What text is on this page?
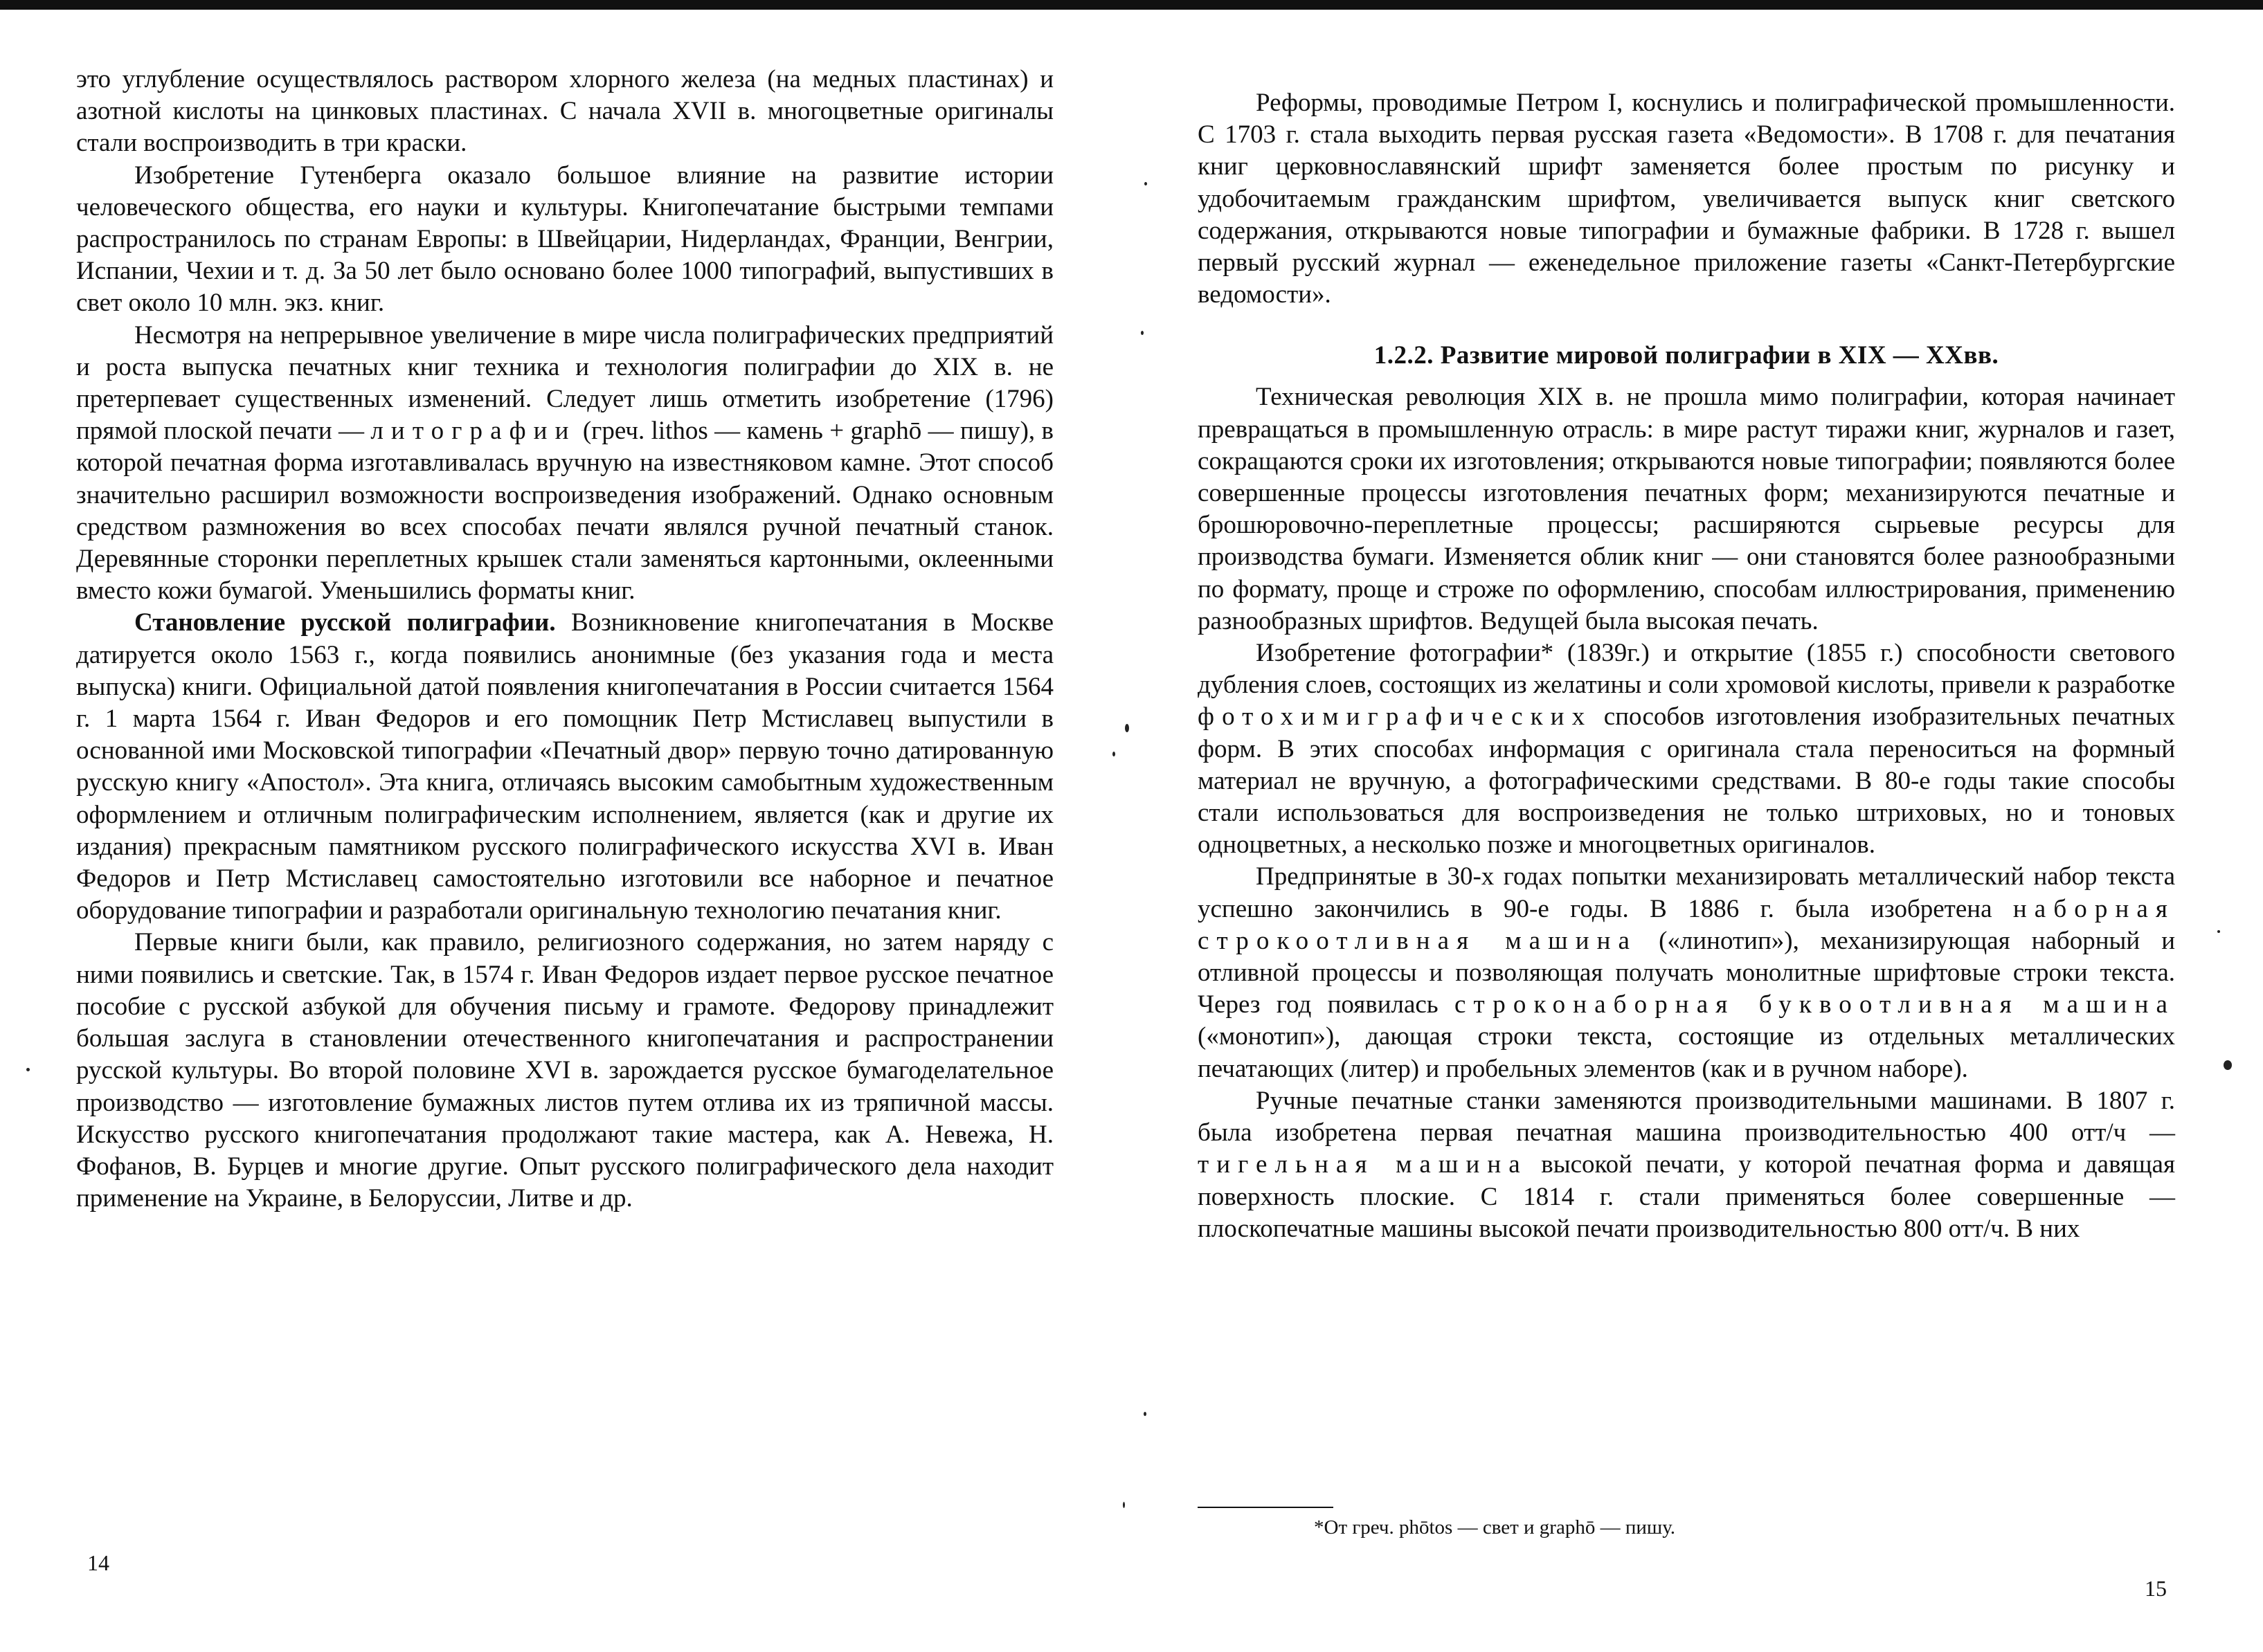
это углубление осуществлялось раствором хлорного железа (на медных пластинах) и азотной кислоты на цинковых пластинах. С начала XVII в. многоцветные оригиналы стали воспроизводить в три краски.

Изобретение Гутенберга оказало большое влияние на развитие истории человеческого общества, его науки и культуры. Книгопечатание быстрыми темпами распространилось по странам Европы: в Швейцарии, Нидерландах, Франции, Венгрии, Испании, Чехии и т. д. За 50 лет было основано более 1000 типографий, выпустивших в свет около 10 млн. экз. книг.

Несмотря на непрерывное увеличение в мире числа полиграфических предприятий и роста выпуска печатных книг техника и технология полиграфии до XIX в. не претерпевает существенных изменений. Следует лишь отметить изобретение (1796) прямой плоской печати — литографии (греч. lithos — камень + graphō — пишу), в которой печатная форма изготавливалась вручную на известняковом камне. Этот способ значительно расширил возможности воспроизведения изображений. Однако основным средством размножения во всех способах печати являлся ручной печатный станок. Деревянные сторонки переплетных крышек стали заменяться картонными, оклеенными вместо кожи бумагой. Уменьшились форматы книг.

Становление русской полиграфии. Возникновение книгопечатания в Москве датируется около 1563 г., когда появились анонимные (без указания года и места выпуска) книги. Официальной датой появления книгопечатания в России считается 1564 г. 1 марта 1564 г. Иван Федоров и его помощник Петр Мстиславец выпустили в основанной ими Московской типографии «Печатный двор» первую точно датированную русскую книгу «Апостол». Эта книга, отличаясь высоким самобытным художественным оформлением и отличным полиграфическим исполнением, является (как и другие их издания) прекрасным памятником русского полиграфического искусства XVI в. Иван Федоров и Петр Мстиславец самостоятельно изготовили все наборное и печатное оборудование типографии и разработали оригинальную технологию печатания книг.

Первые книги были, как правило, религиозного содержания, но затем наряду с ними появились и светские. Так, в 1574 г. Иван Федоров издает первое русское печатное пособие с русской азбукой для обучения письму и грамоте. Федорову принадлежит большая заслуга в становлении отечественного книгопечатания и распространении русской культуры. Во второй половине XVI в. зарождается русское бумагоделательное производство — изготовление бумажных листов путем отлива их из тряпичной массы. Искусство русского книгопечатания продолжают такие мастера, как А. Невежа, Н. Фофанов, В. Бурцев и многие другие. Опыт русского полиграфического дела находит применение на Украине, в Белоруссии, Литве и др.

14

Реформы, проводимые Петром I, коснулись и полиграфической промышленности. С 1703 г. стала выходить первая русская газета «Ведомости». В 1708 г. для печатания книг церковнославянский шрифт заменяется более простым по рисунку и удобочитаемым гражданским шрифтом, увеличивается выпуск книг светского содержания, открываются новые типографии и бумажные фабрики. В 1728 г. вышел первый русский журнал — еженедельное приложение газеты «Санкт-Петербургские ведомости».

1.2.2. Развитие мировой полиграфии в XIX — XXвв.

Техническая революция XIX в. не прошла мимо полиграфии, которая начинает превращаться в промышленную отрасль: в мире растут тиражи книг, журналов и газет, сокращаются сроки их изготовления; открываются новые типографии; появляются более совершенные процессы изготовления печатных форм; механизируются печатные и брошюровочно-переплетные процессы; расширяются сырьевые ресурсы для производства бумаги. Изменяется облик книг — они становятся более разнообразными по формату, проще и строже по оформлению, способам иллюстрирования, применению разнообразных шрифтов. Ведущей была высокая печать.

Изобретение фотографии* (1839г.) и открытие (1855 г.) способности светового дубления слоев, состоящих из желатины и соли хромовой кислоты, привели к разработке фотохимиграфических способов изготовления изобразительных печатных форм. В этих способах информация с оригинала стала переноситься на формный материал не вручную, а фотографическими средствами. В 80-е годы такие способы стали использоваться для воспроизведения не только штриховых, но и тоновых одноцветных, а несколько позже и многоцветных оригиналов.

Предпринятые в 30-х годах попытки механизировать металлический набор текста успешно закончились в 90-е годы. В 1886 г. была изобретена наборная строкоотливная машина («линотип»), механизирующая наборный и отливной процессы и позволяющая получать монолитные шрифтовые строки текста. Через год появилась строконаборная буквоотливная машина («монотип»), дающая строки текста, состоящие из отдельных металлических печатающих (литер) и пробельных элементов (как и в ручном наборе).

Ручные печатные станки заменяются производительными машинами. В 1807 г. была изобретена первая печатная машина производительностью 400 отт/ч — тигельная машина высокой печати, у которой печатная форма и давящая поверхность плоские. С 1814 г. стали применяться более совершенные — плоскопечатные машины высокой печати производительностью 800 отт/ч. В них

*От греч. phōtos — свет и graphō — пишу.

15
